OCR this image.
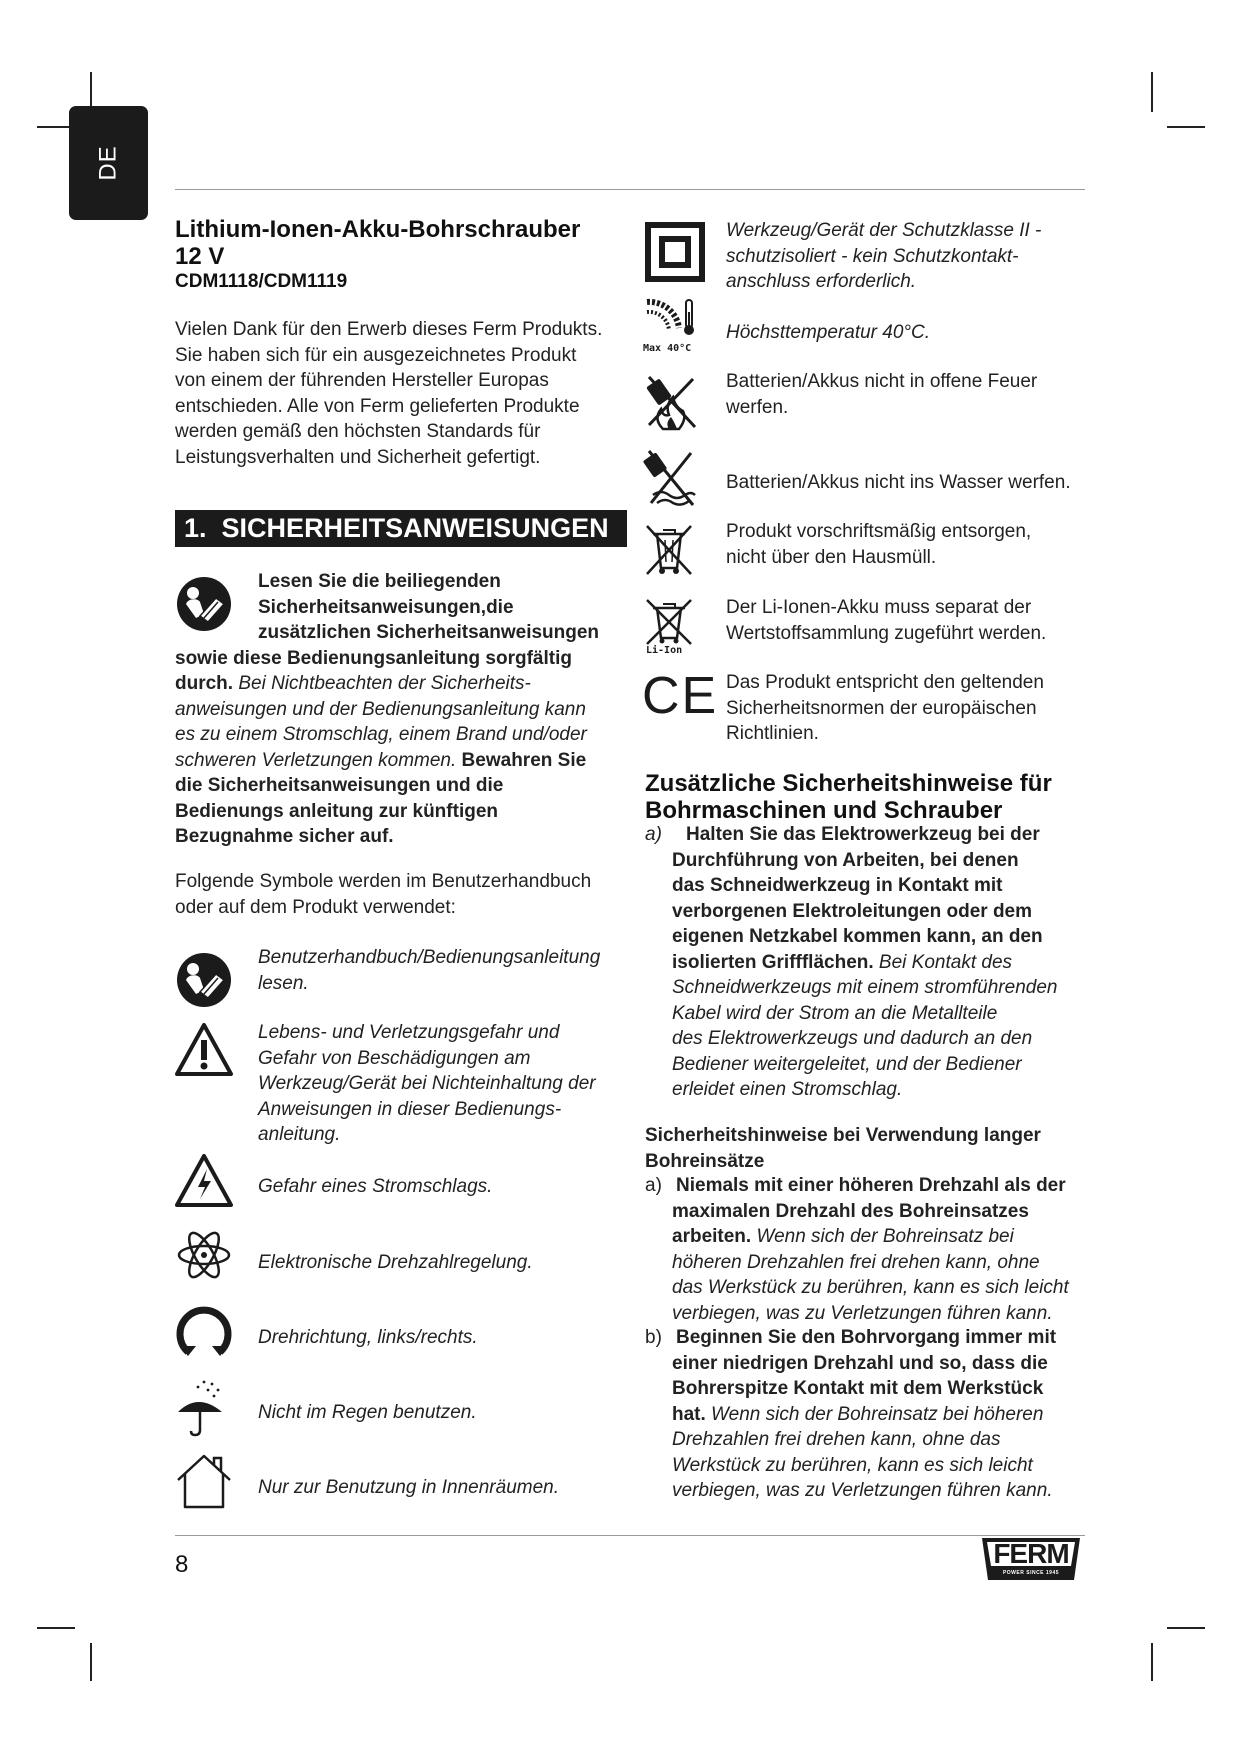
DE
Lithium-Ionen-Akku-Bohrschrauber
12 V
CDM1118/CDM1119
Vielen Dank für den Erwerb dieses Ferm Produkts.
Sie haben sich für ein ausgezeichnetes Produkt
von einem der führenden Hersteller Europas
entschieden. Alle von Ferm gelieferten Produkte
werden gemäß den höchsten Standards für
Leistungsverhalten und Sicherheit gefertigt.
1. SICHERHEITSANWEISUNGEN
Lesen Sie die beiliegenden
Sicherheitsanweisungen,die
zusätzlichen Sicherheitsanweisungen
sowie diese Bedienungsanleitung sorgfältig
durch. Bei Nichtbeachten der Sicherheits-
anweisungen und der Bedienungsanleitung kann
es zu einem Stromschlag, einem Brand und/oder
schweren Verletzungen kommen. Bewahren Sie
die Sicherheitsanweisungen und die
Bedienungs anleitung zur künftigen
Bezugnahme sicher auf.
Folgende Symbole werden im Benutzerhandbuch
oder auf dem Produkt verwendet:
Benutzerhandbuch/Bedienungsanleitung
lesen.
Lebens- und Verletzungsgefahr und
Gefahr von Beschädigungen am
Werkzeug/Gerät bei Nichteinhaltung der
Anweisungen in dieser Bedienungs-
anleitung.
Gefahr eines Stromschlags.
Elektronische Drehzahlregelung.
Drehrichtung, links/rechts.
Nicht im Regen benutzen.
Nur zur Benutzung in Innenräumen.
Werkzeug/Gerät der Schutzklasse II -
schutzisoliert - kein Schutzkontakt-
anschluss erforderlich.
Max 40°C
Höchsttemperatur 40°C.
Batterien/Akkus nicht in offene Feuer
werfen.
Batterien/Akkus nicht ins Wasser werfen.
Produkt vorschriftsmäßig entsorgen,
nicht über den Hausmüll.
Li-Ion
Der Li-Ionen-Akku muss separat der
Wertstoffsammlung zugeführt werden.
CE Das Produkt entspricht den geltenden
Sicherheitsnormen der europäischen
Richtlinien.
Zusätzliche Sicherheitshinweise für
Bohrmaschinen und Schrauber
a)	Halten Sie das Elektrowerkzeug bei der
Durchführung von Arbeiten, bei denen
das Schneidwerkzeug in Kontakt mit
verborgenen Elektroleitungen oder dem
eigenen Netzkabel kommen kann, an den
isolierten Griffflächen. Bei Kontakt des
Schneidwerkzeugs mit einem stromführenden
Kabel wird der Strom an die Metallteile
des Elektrowerkzeugs und dadurch an den
Bediener weitergeleitet, und der Bediener
erleidet einen Stromschlag.
Sicherheitshinweise bei Verwendung langer
Bohreinsätze
a) Niemals mit einer höheren Drehzahl als der
maximalen Drehzahl des Bohreinsatzes
arbeiten. Wenn sich der Bohreinsatz bei
höheren Drehzahlen frei drehen kann, ohne
das Werkstück zu berühren, kann es sich leicht
verbiegen, was zu Verletzungen führen kann.
b) Beginnen Sie den Bohrvorgang immer mit
einer niedrigen Drehzahl und so, dass die
Bohrerspitze Kontakt mit dem Werkstück
hat. Wenn sich der Bohreinsatz bei höheren
Drehzahlen frei drehen kann, ohne das
Werkstück zu berühren, kann es sich leicht
verbiegen, was zu Verletzungen führen kann.
8	FERM
POWER SINCE 1945
